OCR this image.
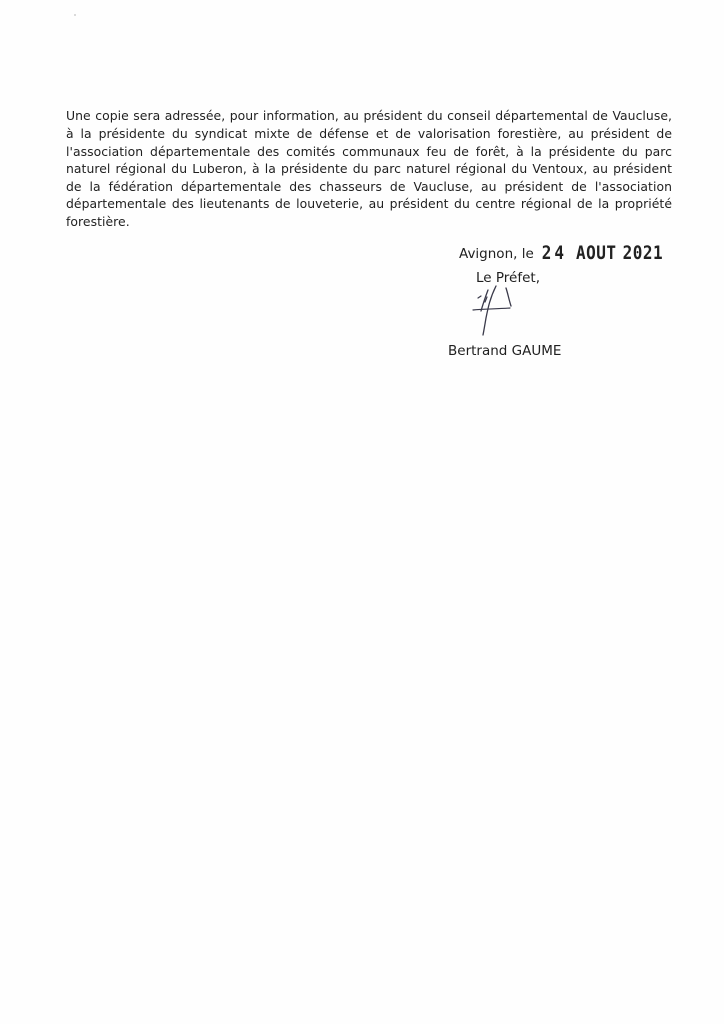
Une copie sera adressée, pour information, au président du conseil départemental de Vaucluse, à la présidente du syndicat mixte de défense et de valorisation forestière, au président de l'association départementale des comités communaux feu de forêt, à la présidente du parc naturel régional du Luberon, à la présidente du parc naturel régional du Ventoux, au président de la fédération départementale des chasseurs de Vaucluse, au président de l'association départementale des lieutenants de louveterie, au président du centre régional de la propriété forestière.

Avignon, le 24 AOUT 2021
Le Préfet,
Bertrand GAUME
